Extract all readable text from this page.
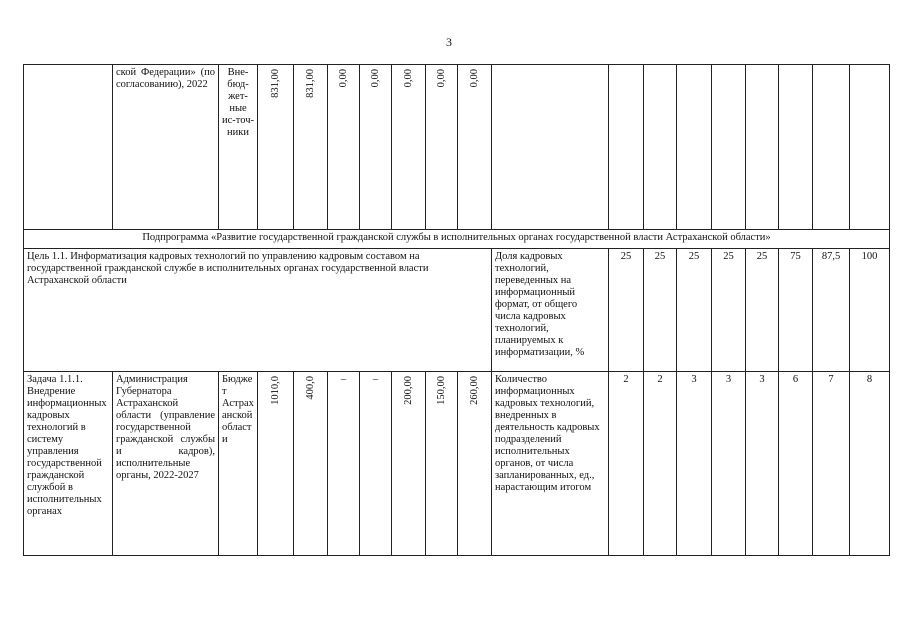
3
	ской Федерации» (по согласованию), 2022	Вне-бюд-жет-ные ис-точ-ники	831,00	831,00	0,00	0,00	0,00	0,00	0,00									
Подпрограмма «Развитие государственной гражданской службы в исполнительных органах государственной власти Астраханской области»																		
Цель 1.1. Информатизация кадровых технологий по управлению кадровым составом на государственной гражданской службе в исполнительных органах государственной власти Астраханской области										Доля кадровых технологий, переведенных на информационный формат, от общего числа кадровых технологий, планируемых к информатизации, %	25	25	25	25	25	75	87,5	100
Задача 1.1.1. Внедрение информационных кадровых технологий в систему управления государственной гражданской службой в исполнительных органах	Администрация Губернатора Астраханской области (управление государственной гражданской службы и кадров), исполнительные органы, 2022-2027	Бюджет Астраханской области	1010,0	400,0	–	–	200,00	150,00	260,00	Количество информационных кадровых технологий, внедренных в деятельность кадровых подразделений исполнительных органов, от числа запланированных, ед., нарастающим итогом	2	2	3	3	3	6	7	8
